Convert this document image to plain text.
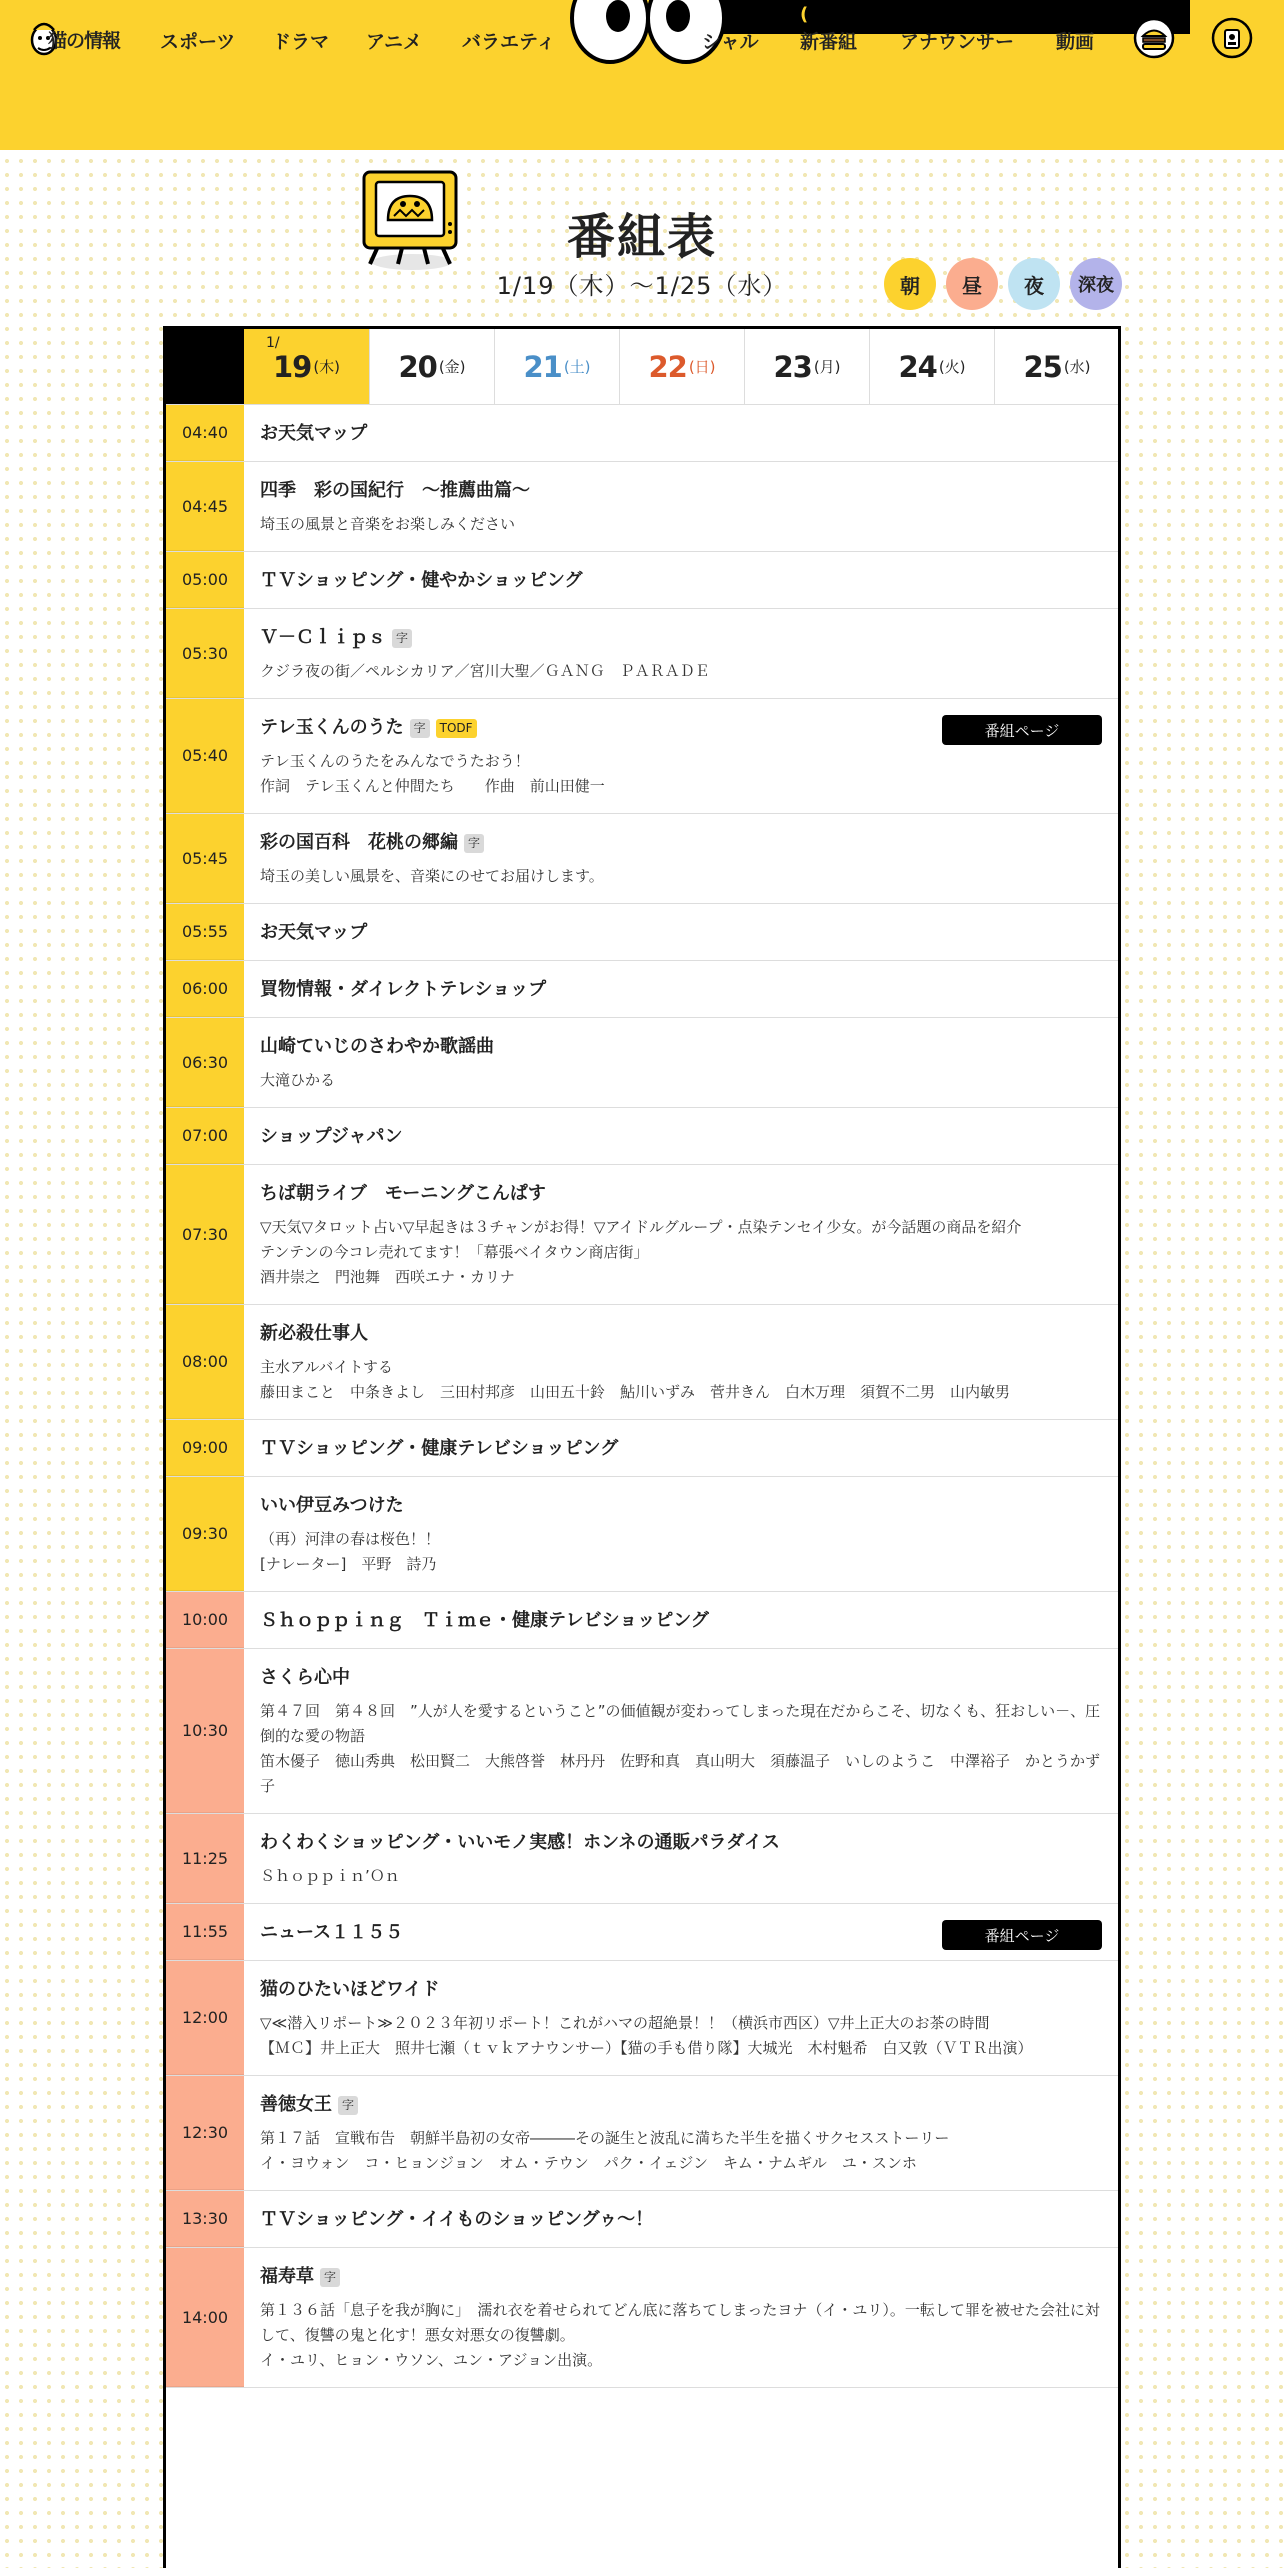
猫の情報 スポーツ ドラマ アニメ バラエティ
(
シャル 新番組 アナウンサー 動画
番組表
1/19（木）〜1/25（水）	朝 昼 夜 深夜
1/
19 (木) 20 (金) 21 (土) 22 (日) 23 (月) 24 (火) 25 (水)
04:40	お天気マップ
04:45
四季　彩の国紀行　～推薦曲篇～
埼玉の風景と音楽をお楽しみください
05:00	ＴＶショッピング・健やかショッピング
05:30
Ｖ－Ｃｌｉｐｓ 字
クジラ夜の街／ペルシカリア／宮川大聖／ＧＡＮＧ　ＰＡＲＡＤＥ
05:40
テレ玉くんのうた 字	TODF
テレ玉くんのうたをみんなでうたおう！
作詞　テレ玉くんと仲間たち　　作曲　前山田健一
番組ページ
05:45
彩の国百科　花桃の郷編 字
埼玉の美しい風景を、音楽にのせてお届けします。
05:55	お天気マップ
06:00	買物情報・ダイレクトテレショップ
06:30
山崎ていじのさわやか歌謡曲
大滝ひかる
07:00	ショップジャパン
07:30
ちば朝ライブ　モーニングこんぱす
▽天気▽タロット占い▽早起きは３チャンがお得！▽アイドルグループ・点染テンセイ少女。が今話題の商品を紹介
テンテンの今コレ売れてます！「幕張ベイタウン商店街」
酒井崇之　門池舞　西咲エナ・カリナ
08:00
新必殺仕事人
主水アルバイトする
藤田まこと　中条きよし　三田村邦彦　山田五十鈴　鮎川いずみ　菅井きん　白木万理　須賀不二男　山内敏男
09:00	ＴＶショッピング・健康テレビショッピング
09:30
いい伊豆みつけた
（再）河津の春は桜色！！
[ナレーター]　平野　詩乃
10:00	Ｓｈｏｐｐｉｎｇ　Ｔｉｍｅ・健康テレビショッピング
10:30
さくら心中
第４７回　第４８回　”人が人を愛するということ”の価値観が変わってしまった現在だからこそ、切なくも、狂おしい－、圧倒的な愛の物語
笛木優子　徳山秀典　松田賢二　大熊啓誉　林丹丹　佐野和真　真山明大　須藤温子　いしのようこ　中澤裕子　かとうかず子
11:25
わくわくショッピング・いいモノ実感！ホンネの通販パラダイス
Ｓｈｏｐｐｉｎ’Ｏｎ
11:55	ニュース１１５５	番組ページ
12:00
猫のひたいほどワイド
▽≪潜入リポート≫２０２３年初リポート！これがハマの超絶景！！（横浜市西区）▽井上正大のお茶の時間
【ＭＣ】井上正大　照井七瀬（ｔｖｋアナウンサー）【猫の手も借り隊】大城光　木村魁希　白又敦（ＶＴＲ出演）
12:30
善徳女王 字
第１７話　宣戦布告　朝鮮半島初の女帝―――その誕生と波乱に満ちた半生を描くサクセスストーリー
イ・ヨウォン　コ・ヒョンジョン　オム・テウン　パク・イェジン　キム・ナムギル　ユ・スンホ
13:30	ＴＶショッピング・イイものショッピングゥ～！
14:00
福寿草 字
第１３６話「息子を我が胸に」　濡れ衣を着せられてどん底に落ちてしまったヨナ（イ・ユリ）。一転して罪を被せた会社に対して、復讐の鬼と化す！悪女対悪女の復讐劇。
イ・ユリ、ヒョン・ウソン、ユン・アジョン出演。
